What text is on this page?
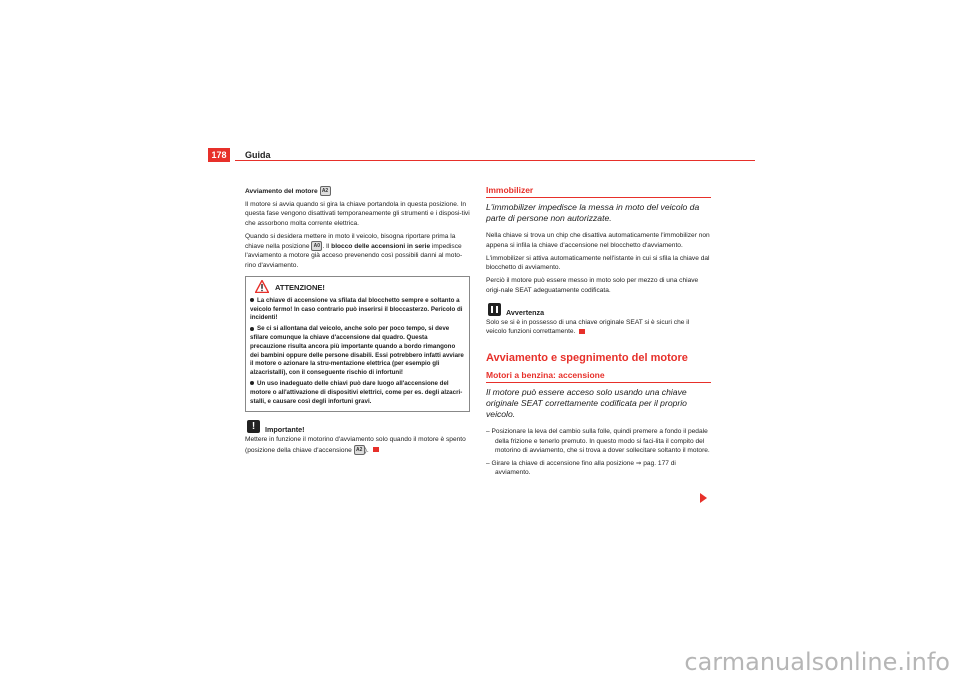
178	Guida

Avviamento del motore A2

Il motore si avvia quando si gira la chiave portandola in questa posizione. In questa fase vengono disattivati temporaneamente gli strumenti e i disposi-tivi che assorbono molta corrente elettrica.

Quando si desidera mettere in moto il veicolo, bisogna riportare prima la chiave nella posizione A0 . Il blocco delle accensioni in serie impedisce l'avviamento a motore già acceso prevenendo così possibili danni al moto-rino d'avviamento.

ATTENZIONE!
La chiave di accensione va sfilata dal blocchetto sempre e soltanto a veicolo fermo! In caso contrario può inserirsi il bloccasterzo. Pericolo di incidenti!
Se ci si allontana dal veicolo, anche solo per poco tempo, si deve sfilare comunque la chiave d'accensione dal quadro. Questa precauzione risulta ancora più importante quando a bordo rimangono dei bambini oppure delle persone disabili. Essi potrebbero infatti avviare il motore o azionare la stru-mentazione elettrica (per esempio gli alzacristalli), con il conseguente rischio di infortuni!
Un uso inadeguato delle chiavi può dare luogo all'accensione del motore o all'attivazione di dispositivi elettrici, come per es. degli alzacri-stalli, e causare così degli infortuni gravi.
!	Importante!

Mettere in funzione il motorino d'avviamento solo quando il motore è spento (posizione della chiave d'accensione A2 ).

Immobilizer
L'immobilizer impedisce la messa in moto del veicolo da parte di persone non autorizzate.

Nella chiave si trova un chip che disattiva automaticamente l'immobilizer non appena si infila la chiave d'accensione nel blocchetto d'avviamento.

L'immobilizer si attiva automaticamente nell'istante in cui si sfila la chiave dal blocchetto di avviamento.

Perciò il motore può essere messo in moto solo per mezzo di una chiave origi-nale SEAT adeguatamente codificata.

Avvertenza

Solo se si è in possesso di una chiave originale SEAT si è sicuri che il veicolo funzioni correttamente.

Avviamento e spegnimento del motore
Motori a benzina: accensione
Il motore può essere acceso solo usando una chiave originale SEAT correttamente codificata per il proprio veicolo.

– Posizionare la leva del cambio sulla folle, quindi premere a fondo il pedale della frizione e tenerlo premuto. In questo modo si faci-lita il compito del motorino di avviamento, che si trova a dover sollecitare soltanto il motore.

– Girare la chiave di accensione fino alla posizione ⇒ pag. 177 di avviamento.

carmanualsonline.info
